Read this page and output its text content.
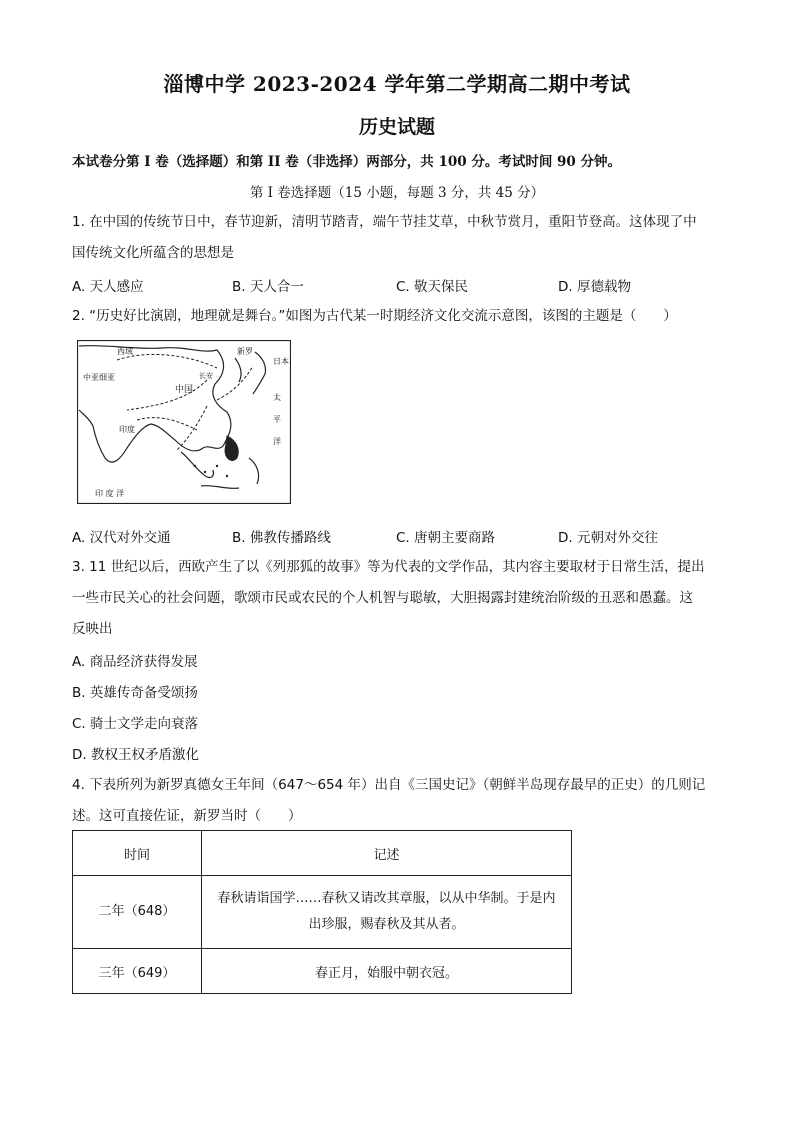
淄博中学 2023-2024 学年第二学期高二期中考试
历史试题
本试卷分第 I 卷（选择题）和第 II 卷（非选择）两部分，共 100 分。考试时间 90 分钟。
第 I 卷选择题（15 小题，每题 3 分，共 45 分）
1. 在中国的传统节日中，春节迎新，清明节踏青，端午节挂艾草，中秋节赏月，重阳节登高。这体现了中
国传统文化所蕴含的思想是
A. 天人感应	B. 天人合一	C. 敬天保民	D. 厚德载物
2. “历史好比演剧，地理就是舞台。”如图为古代某一时期经济文化交流示意图，该图的主题是（　　）
中亚细亚
西域
中国
长安
新罗
日本
太
平
洋
印度
印 度 洋
A. 汉代对外交通	B. 佛教传播路线	C. 唐朝主要商路	D. 元朝对外交往
3. 11 世纪以后，西欧产生了以《列那狐的故事》等为代表的文学作品，其内容主要取材于日常生活，提出
一些市民关心的社会问题，歌颂市民或农民的个人机智与聪敏，大胆揭露封建统治阶级的丑恶和愚蠢。这
反映出
A. 商品经济获得发展
B. 英雄传奇备受颂扬
C. 骑士文学走向衰落
D. 教权王权矛盾激化
4. 下表所列为新罗真德女王年间（647～654 年）出自《三国史记》（朝鲜半岛现存最早的正史）的几则记
述。这可直接佐证，新罗当时（　　）
时间	记述
二年（648）	春秋请诣国学……春秋又请改其章服，以从中华制。于是内
出珍服，赐春秋及其从者。
三年（649）	春正月，始服中朝衣冠。
